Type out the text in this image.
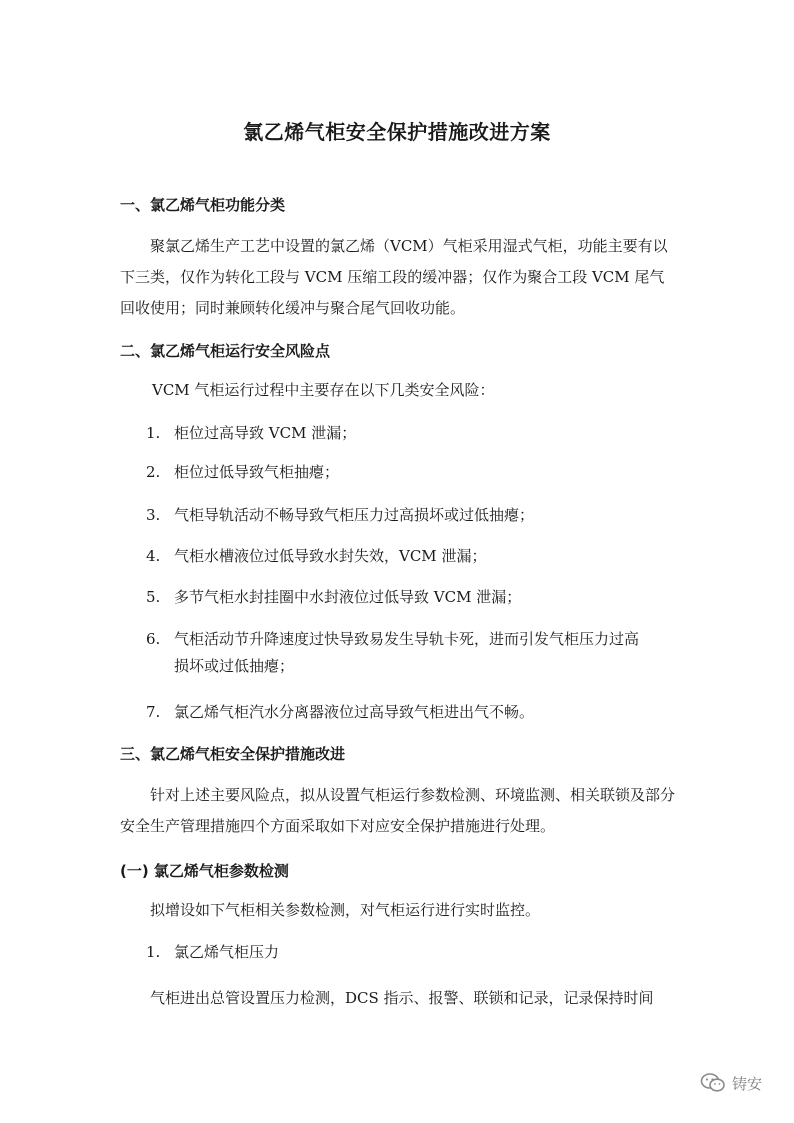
氯乙烯气柜安全保护措施改进方案
一、氯乙烯气柜功能分类
聚氯乙烯生产工艺中设置的氯乙烯（VCM）气柜采用湿式气柜，功能主要有以下三类，仅作为转化工段与 VCM 压缩工段的缓冲器；仅作为聚合工段 VCM 尾气回收使用；同时兼顾转化缓冲与聚合尾气回收功能。
二、氯乙烯气柜运行安全风险点
VCM 气柜运行过程中主要存在以下几类安全风险：
1. 柜位过高导致 VCM 泄漏；
2. 柜位过低导致气柜抽瘪；
3. 气柜导轨活动不畅导致气柜压力过高损坏或过低抽瘪；
4. 气柜水槽液位过低导致水封失效，VCM 泄漏；
5. 多节气柜水封挂圈中水封液位过低导致 VCM 泄漏；
6. 气柜活动节升降速度过快导致易发生导轨卡死，进而引发气柜压力过高
损坏或过低抽瘪；
7. 氯乙烯气柜汽水分离器液位过高导致气柜进出气不畅。
三、氯乙烯气柜安全保护措施改进
针对上述主要风险点，拟从设置气柜运行参数检测、环境监测、相关联锁及部分安全生产管理措施四个方面采取如下对应安全保护措施进行处理。
(一) 氯乙烯气柜参数检测
拟增设如下气柜相关参数检测，对气柜运行进行实时监控。
1. 氯乙烯气柜压力
气柜进出总管设置压力检测，DCS 指示、报警、联锁和记录，记录保持时间
铸安
